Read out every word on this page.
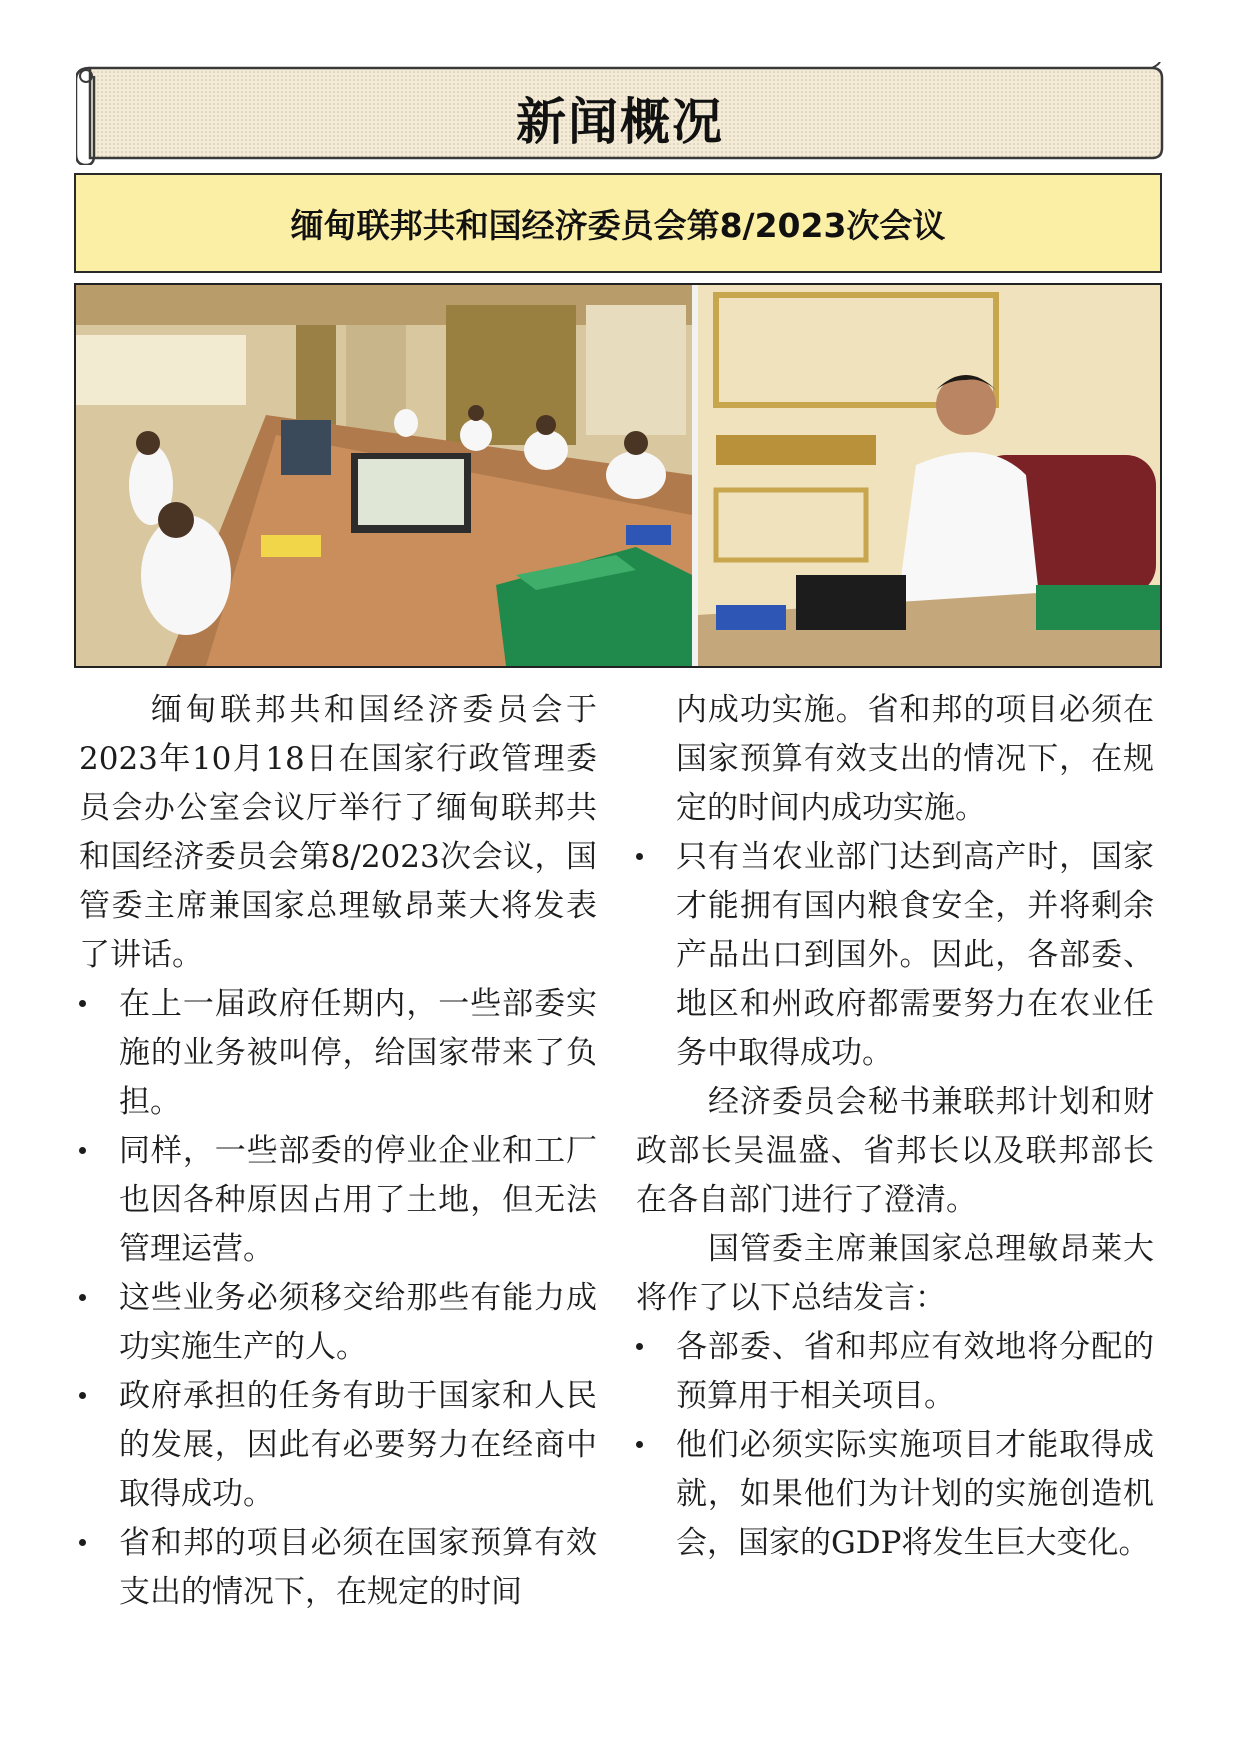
新闻概况
缅甸联邦共和国经济委员会第8/2023次会议

缅甸联邦共和国经济委员会于2023年10月18日在国家行政管理委员会办公室会议厅举行了缅甸联邦共和国经济委员会第8/2023次会议，国管委主席兼国家总理敏昂莱大将发表了讲话。

在上一届政府任期内，一些部委实施的业务被叫停，给国家带来了负担。
同样，一些部委的停业企业和工厂也因各种原因占用了土地，但无法管理运营。
这些业务必须移交给那些有能力成功实施生产的人。
政府承担的任务有助于国家和人民的发展，因此有必要努力在经商中取得成功。
省和邦的项目必须在国家预算有效支出的情况下，在规定的时间

内成功实施。省和邦的项目必须在国家预算有效支出的情况下，在规定的时间内成功实施。

只有当农业部门达到高产时，国家才能拥有国内粮食安全，并将剩余产品出口到国外。因此，各部委、地区和州政府都需要努力在农业任务中取得成功。

经济委员会秘书兼联邦计划和财政部长吴温盛、省邦长以及联邦部长在各自部门进行了澄清。

国管委主席兼国家总理敏昂莱大将作了以下总结发言：

各部委、省和邦应有效地将分配的预算用于相关项目。
他们必须实际实施项目才能取得成就，如果他们为计划的实施创造机会，国家的GDP将发生巨大变化。
